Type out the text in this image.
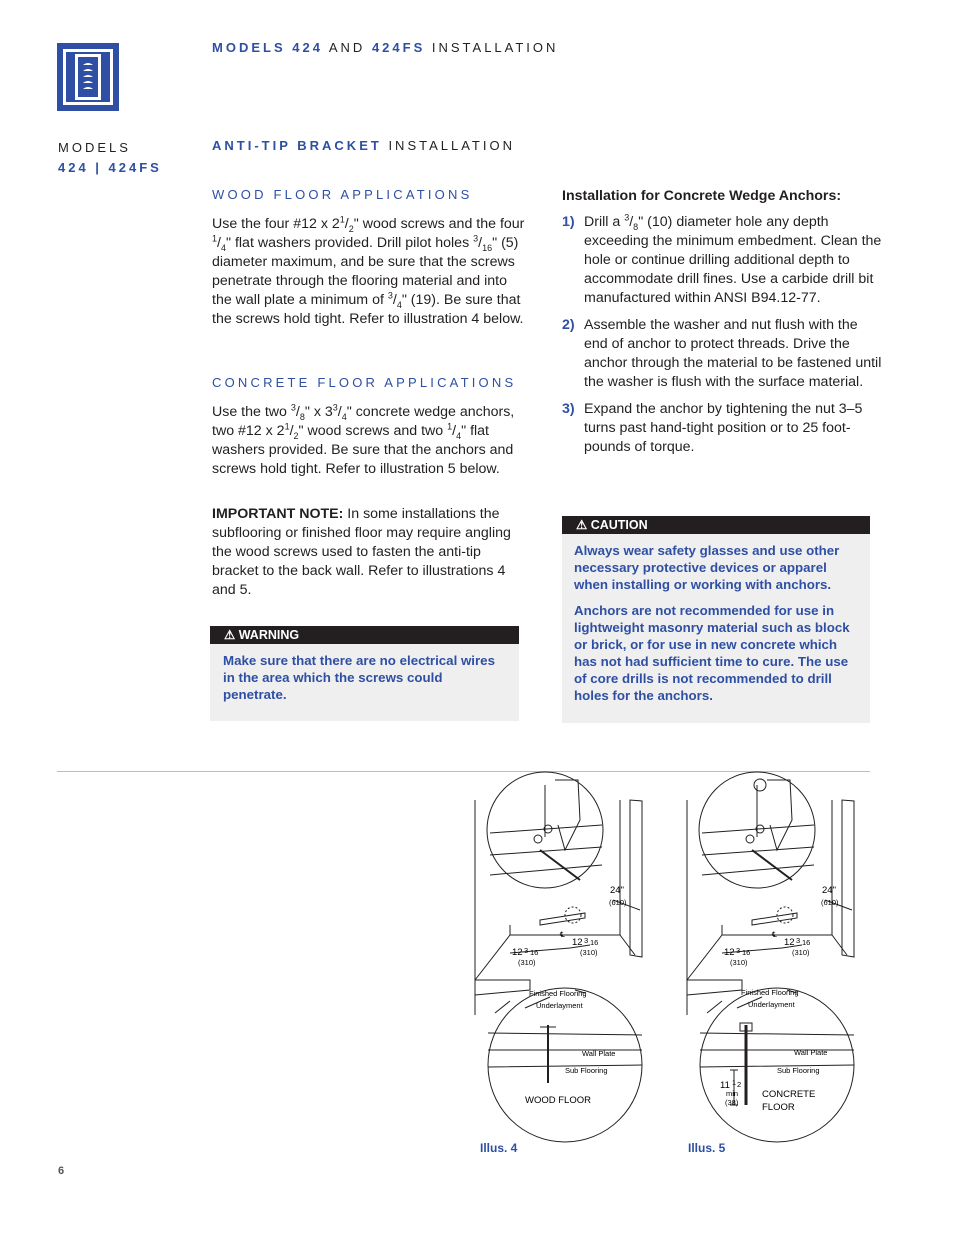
MODELS 424 AND 424FS INSTALLATION
MODELS
424 | 424FS
ANTI-TIP BRACKET INSTALLATION
WOOD FLOOR APPLICATIONS
Use the four #12 x $2^1/_2$" wood screws and the four $^1/_4$" flat washers provided. Drill pilot holes $^3/_{16}$" (5) diameter maximum, and be sure that the screws penetrate through the flooring material and into the wall plate a minimum of $^3/_4$" (19). Be sure that the screws hold tight. Refer to illustration 4 below.
CONCRETE FLOOR APPLICATIONS
Use the two $^3/_8$" x $3^3/_4$" concrete wedge anchors, two #12 x $2^1/_2$" wood screws and two $^1/_4$" flat washers provided. Be sure that the anchors and screws hold tight. Refer to illustration 5 below.
IMPORTANT NOTE: In some installations the subflooring or finished floor may require angling the wood screws used to fasten the anti-tip bracket to the back wall. Refer to illustrations 4 and 5.
⚠ WARNING
Make sure that there are no electrical wires in the area which the screws could penetrate.
Installation for Concrete Wedge Anchors:
1) Drill a $^3/_8$" (10) diameter hole any depth exceeding the minimum embedment. Clean the hole or continue drilling additional depth to accommodate drill fines. Use a carbide drill bit manufactured within ANSI B94.12-77.
2) Assemble the washer and nut flush with the end of anchor to protect threads. Drive the anchor through the material to be fastened until the washer is flush with the surface material.
3) Expand the anchor by tightening the nut 3–5 turns past hand-tight position or to 25 foot-pounds of torque.
⚠ CAUTION
Always wear safety glasses and use other necessary protective devices or apparel when installing or working with anchors.
Anchors are not recommended for use in lightweight masonry material such as block or brick, or for use in new concrete which has not had sufficient time to cure. The use of core drills is not recommended to drill holes for the anchors.
24"
(610)
12 3 16
(310)
12 3 16
(310)
℄
Finished Flooring
Underlayment
Wall Plate
Sub Flooring
WOOD FLOOR
Illus. 4
24"
(610)
12 3 16
(310)
12 3 16
(310)
℄
Finished Flooring
Underlayment
Wall Plate
Sub Flooring
11 1 2
min
(38)
CONCRETE
FLOOR
Illus. 5
6
